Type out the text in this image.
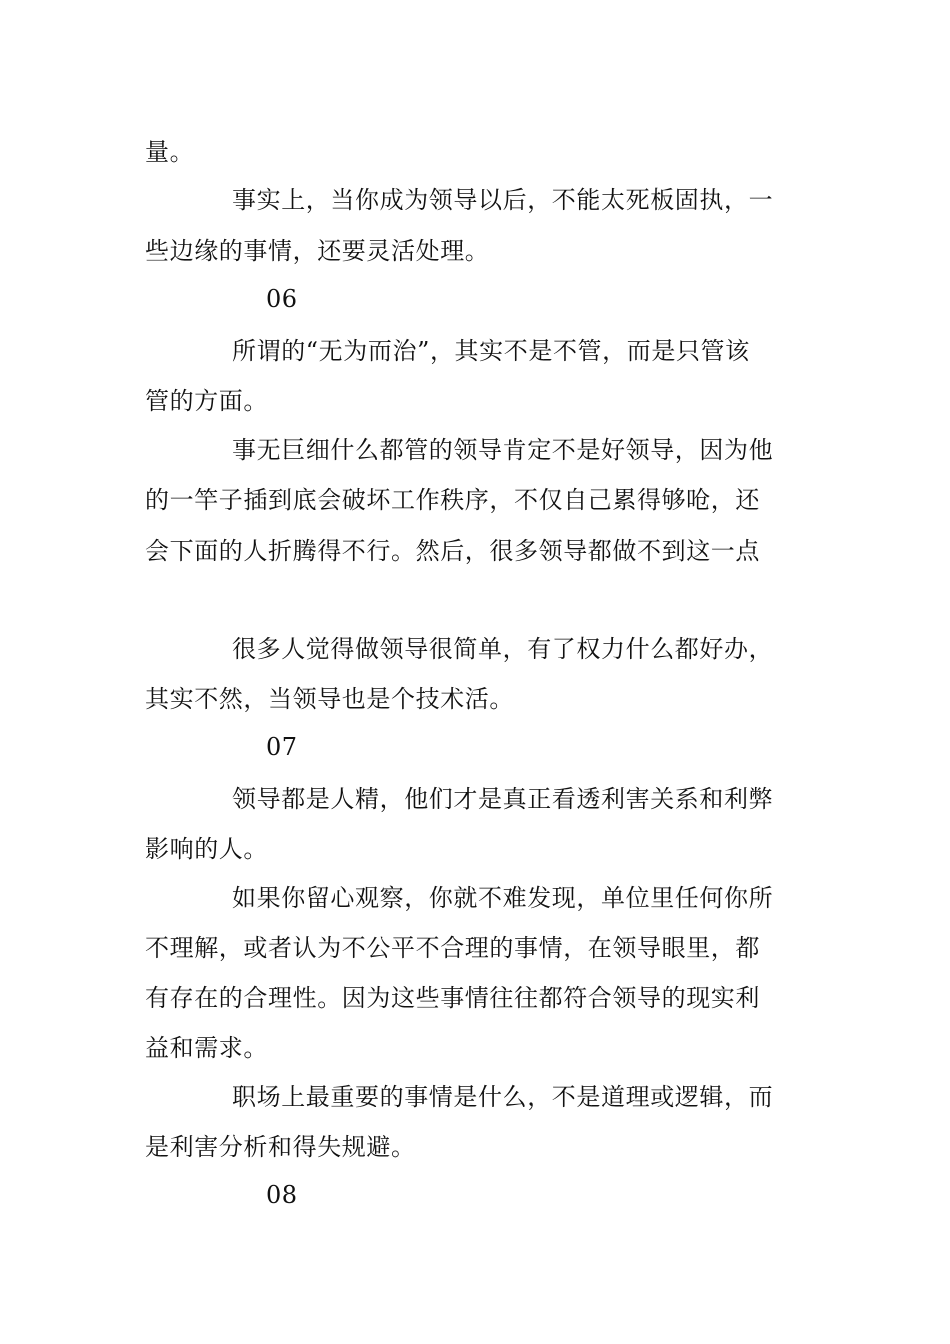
量。
事实上，当你成为领导以后，不能太死板固执，一
些边缘的事情，还要灵活处理。
06
所谓的“无为而治”，其实不是不管，而是只管该
管的方面。
事无巨细什么都管的领导肯定不是好领导，因为他
的一竿子插到底会破坏工作秩序，不仅自己累得够呛，还
会下面的人折腾得不行。然后，很多领导都做不到这一点
很多人觉得做领导很简单，有了权力什么都好办，
其实不然，当领导也是个技术活。
07
领导都是人精，他们才是真正看透利害关系和利弊
影响的人。
如果你留心观察，你就不难发现，单位里任何你所
不理解，或者认为不公平不合理的事情，在领导眼里，都
有存在的合理性。因为这些事情往往都符合领导的现实利
益和需求。
职场上最重要的事情是什么，不是道理或逻辑，而
是利害分析和得失规避。
08
